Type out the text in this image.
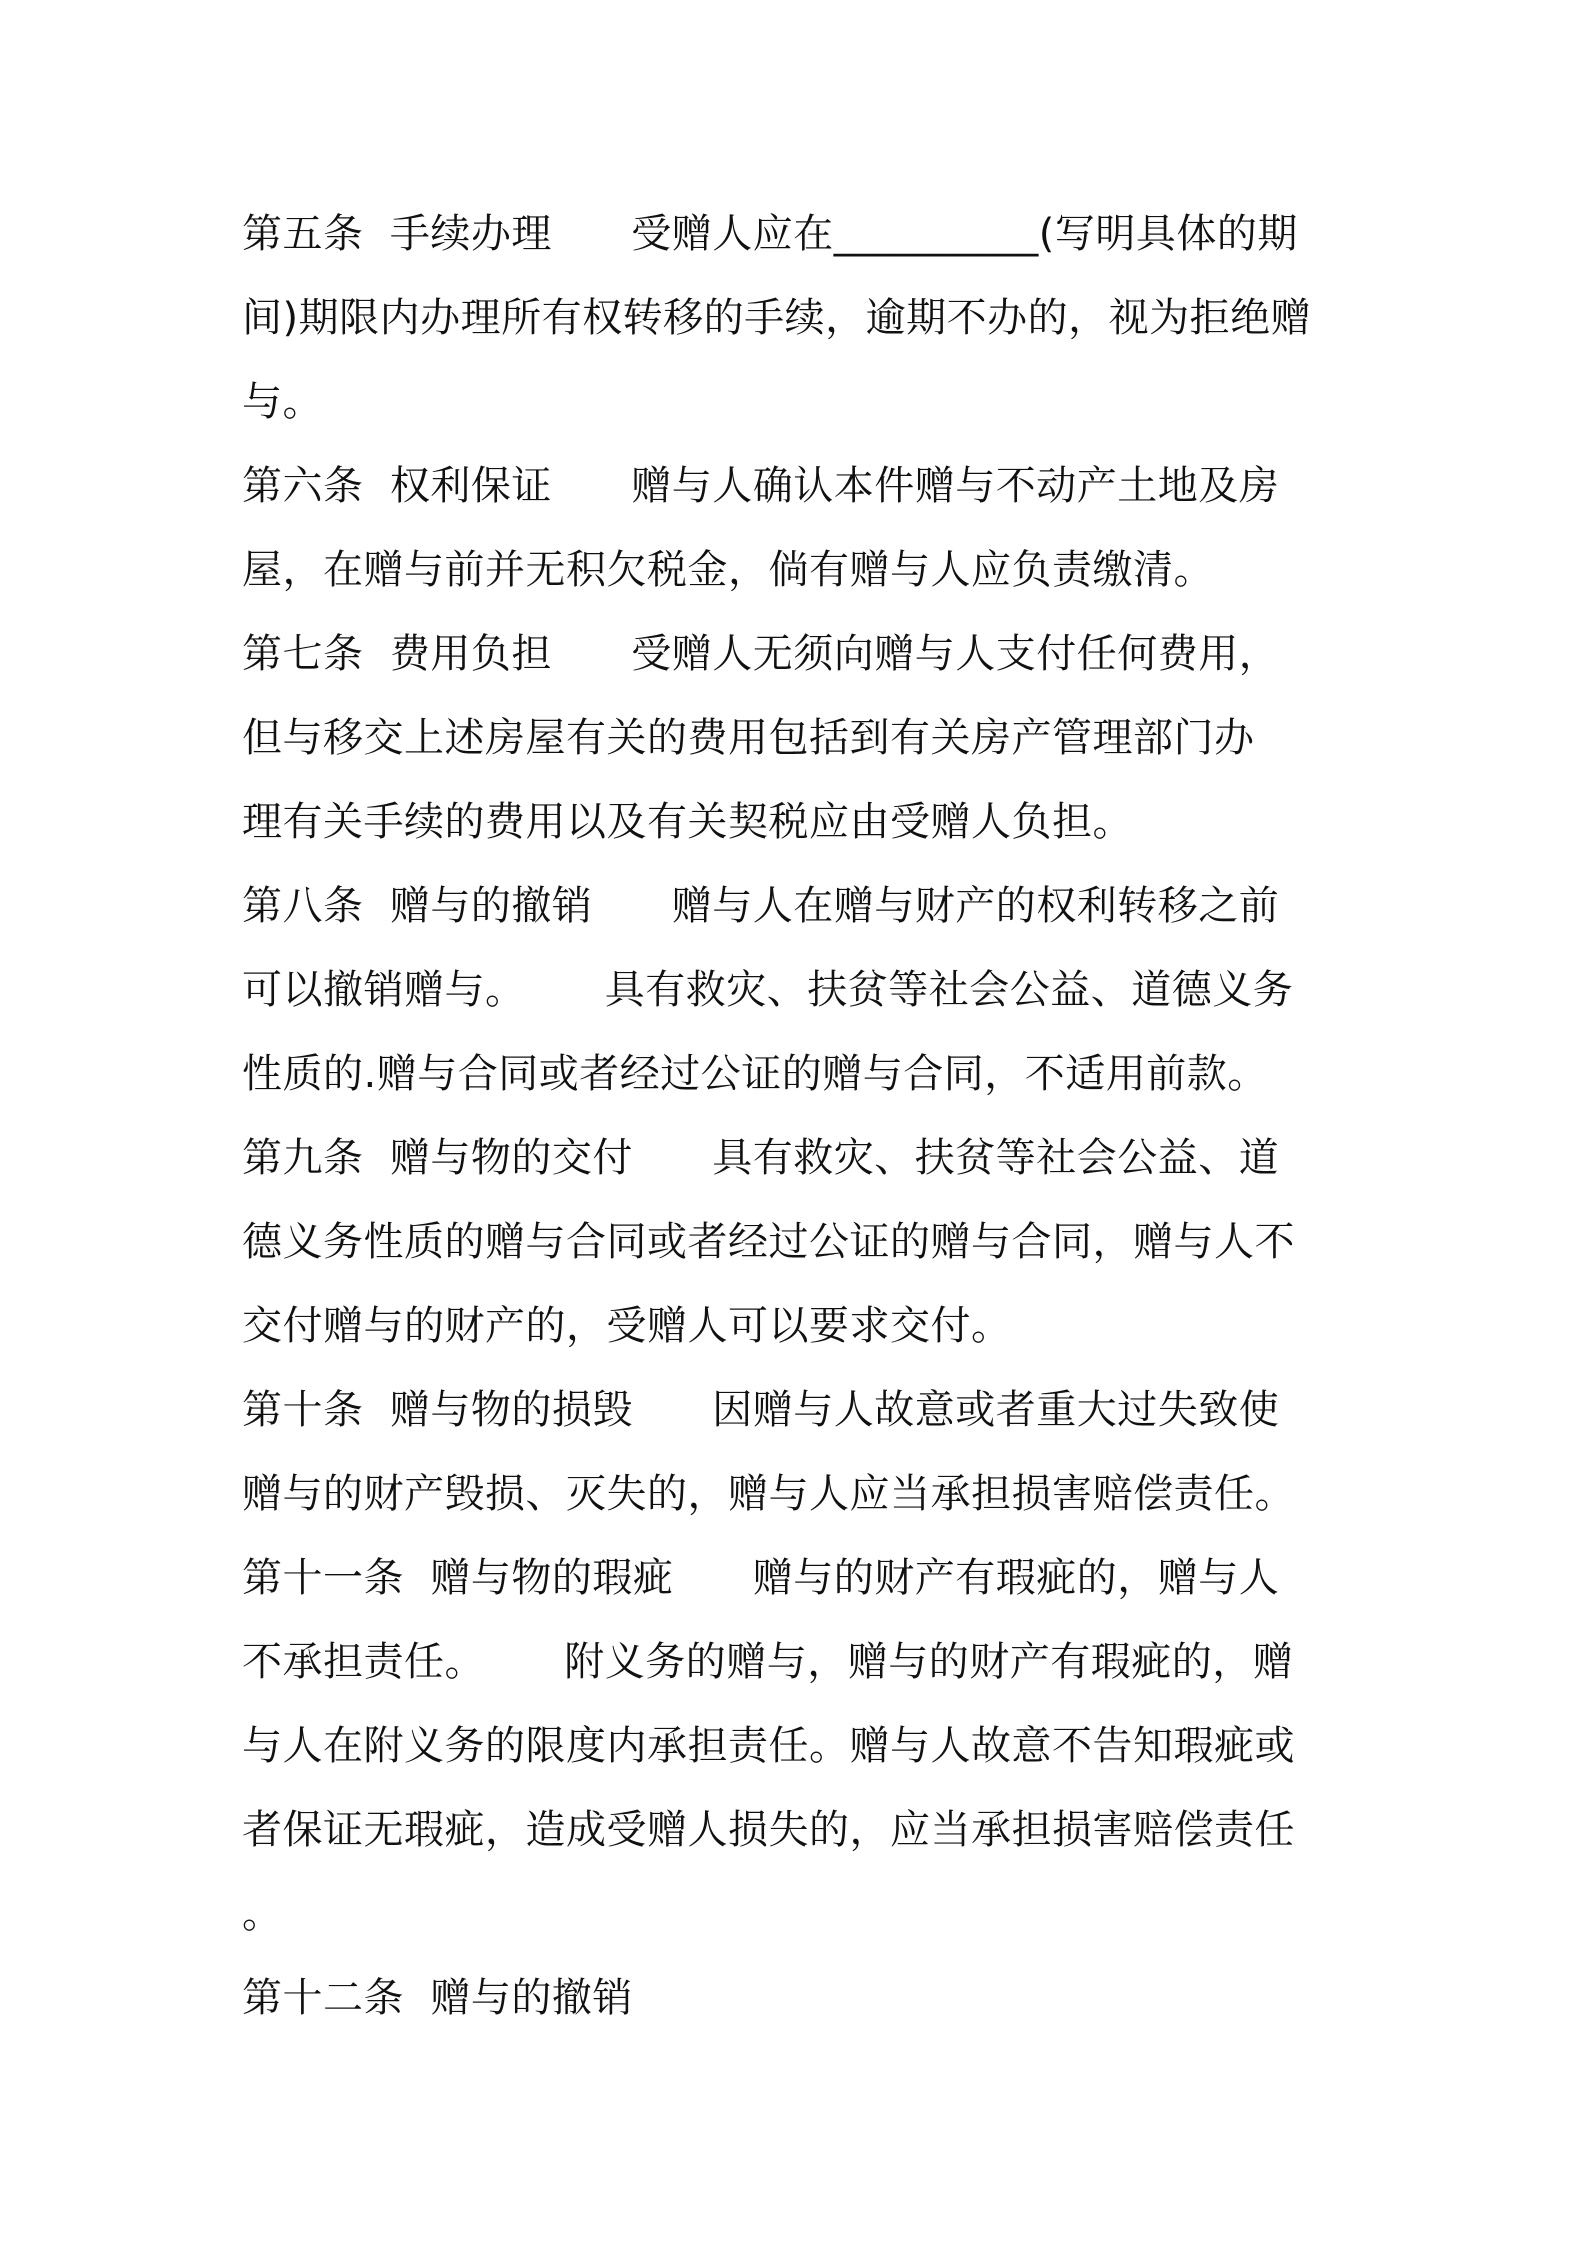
第五条  手续办理      受赠人应在__________(写明具体的期
间)期限内办理所有权转移的手续，逾期不办的，视为拒绝赠
与。
第六条  权利保证      赠与人确认本件赠与不动产土地及房
屋，在赠与前并无积欠税金，倘有赠与人应负责缴清。
第七条  费用负担      受赠人无须向赠与人支付任何费用，
但与移交上述房屋有关的费用包括到有关房产管理部门办
理有关手续的费用以及有关契税应由受赠人负担。
第八条  赠与的撤销      赠与人在赠与财产的权利转移之前
可以撤销赠与。      具有救灾、扶贫等社会公益、道德义务
性质的.赠与合同或者经过公证的赠与合同，不适用前款。
第九条  赠与物的交付      具有救灾、扶贫等社会公益、道
德义务性质的赠与合同或者经过公证的赠与合同，赠与人不
交付赠与的财产的，受赠人可以要求交付。
第十条  赠与物的损毁      因赠与人故意或者重大过失致使
赠与的财产毁损、灭失的，赠与人应当承担损害赔偿责任。
第十一条  赠与物的瑕疵      赠与的财产有瑕疵的，赠与人
不承担责任。      附义务的赠与，赠与的财产有瑕疵的，赠
与人在附义务的限度内承担责任。赠与人故意不告知瑕疵或
者保证无瑕疵，造成受赠人损失的，应当承担损害赔偿责任
。
第十二条  赠与的撤销
